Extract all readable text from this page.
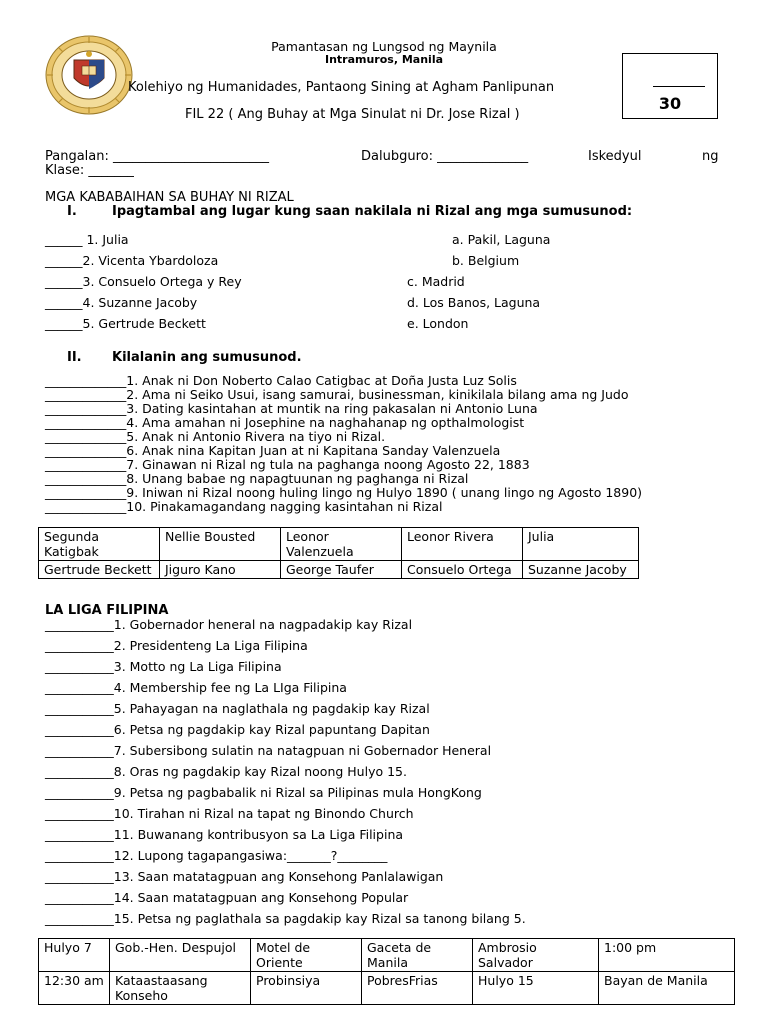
Pamantasan ng Lungsod ng Maynila
Intramuros, Manila
Kolehiyo ng Humanidades, Pantaong Sining at Agham Panlipunan
FIL 22 ( Ang Buhay at Mga Sinulat ni Dr. Jose Rizal )
30
Pangalan: ________________________	Dalubguro: ______________	Iskedyul	ng
Klase: _______
MGA KABABAIHAN SA BUHAY NI RIZAL
I.	Ipagtambal ang lugar kung saan nakilala ni Rizal ang mga sumusunod:
______ 1. Julia
______2. Vicenta Ybardoloza
______3. Consuelo Ortega y Rey
______4. Suzanne Jacoby
______5. Gertrude Beckett
a. Pakil, Laguna
b. Belgium
c. Madrid
d. Los Banos, Laguna
e. London
II. Kilalanin ang sumusunod.
_____________1. Anak ni Don Noberto Calao Catigbac at Doña Justa Luz Solis
_____________2. Ama ni Seiko Usui, isang samurai, businessman, kinikilala bilang ama ng Judo
_____________3. Dating kasintahan at muntik na ring pakasalan ni Antonio Luna
_____________4. Ama amahan ni Josephine na naghahanap ng opthalmologist
_____________5. Anak ni Antonio Rivera na tiyo ni Rizal.
_____________6. Anak nina Kapitan Juan at ni Kapitana Sanday Valenzuela
_____________7. Ginawan ni Rizal ng tula na paghanga noong Agosto 22, 1883
_____________8. Unang babae ng napagtuunan ng paghanga ni Rizal
_____________9. Iniwan ni Rizal noong huling lingo ng Hulyo 1890 ( unang lingo ng Agosto 1890)
_____________10. Pinakamagandang nagging kasintahan ni Rizal
Segunda Katigbak	Nellie Bousted	Leonor Valenzuela	Leonor Rivera	Julia
Gertrude Beckett	Jiguro Kano	George Taufer	Consuelo Ortega	Suzanne Jacoby
LA LIGA FILIPINA
___________1. Gobernador heneral na nagpadakip kay Rizal
___________2. Presidenteng La Liga Filipina
___________3. Motto ng La Liga Filipina
___________4. Membership fee ng La LIga Filipina
___________5. Pahayagan na naglathala ng pagdakip kay Rizal
___________6. Petsa ng pagdakip kay Rizal papuntang Dapitan
___________7. Subersibong sulatin na natagpuan ni Gobernador Heneral
___________8. Oras ng pagdakip kay Rizal noong Hulyo 15.
___________9. Petsa ng pagbabalik ni Rizal sa Pilipinas mula HongKong
___________10. Tirahan ni Rizal na tapat ng Binondo Church
___________11. Buwanang kontribusyon sa La Liga Filipina
___________12. Lupong tagapangasiwa:_______?________
___________13. Saan matatagpuan ang Konsehong Panlalawigan
___________14. Saan matatagpuan ang Konsehong Popular
___________15. Petsa ng paglathala sa pagdakip kay Rizal sa tanong bilang 5.
Hulyo 7	Gob.-Hen. Despujol	Motel de Oriente	Gaceta de Manila	Ambrosio Salvador	1:00 pm
12:30 am	Kataastaasang Konseho	Probinsiya	PobresFrias	Hulyo 15	Bayan de Manila
